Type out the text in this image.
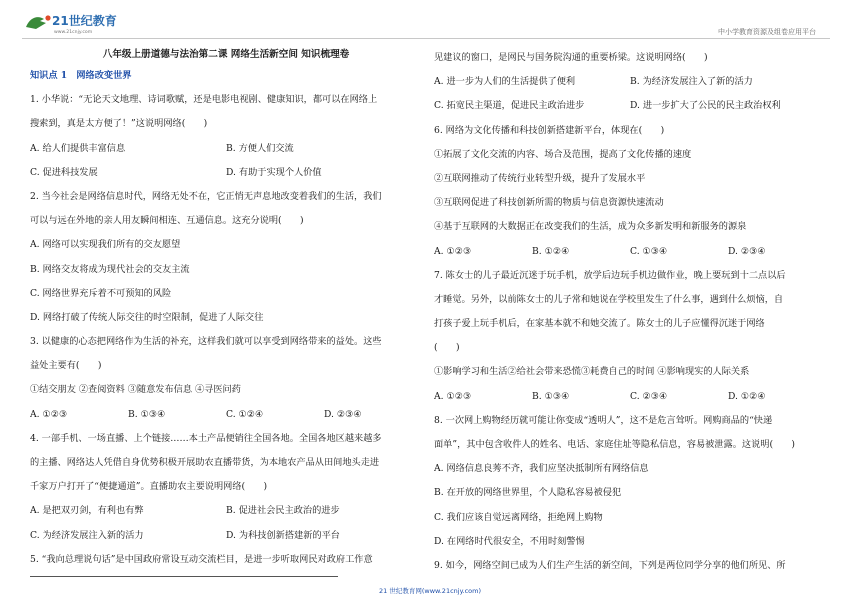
21世纪教育
www.21cnjy.com	中小学教育资源及组卷应用平台
八年级上册道德与法治第二课 网络生活新空间 知识梳理卷
知识点 1　网络改变世界
1. 小华说：“无论天文地理、诗词歌赋，还是电影电视剧、健康知识，都可以在网络上
搜索到，真是太方便了！”这说明网络(　　)
A. 给人们提供丰富信息	B. 方便人们交流
C. 促进科技发展	D. 有助于实现个人价值
2. 当今社会是网络信息时代，网络无处不在，它正悄无声息地改变着我们的生活，我们
可以与远在外地的亲人用友瞬间相连、互通信息。这充分说明(　　)
A. 网络可以实现我们所有的交友愿望
B. 网络交友将成为现代社会的交友主流
C. 网络世界充斥着不可预知的风险
D. 网络打破了传统人际交往的时空限制，促进了人际交往
3. 以健康的心态把网络作为生活的补充，这样我们就可以享受到网络带来的益处。这些
益处主要有(　　)
①结交朋友 ②查阅资料 ③随意发布信息 ④寻医问药
A. ①②③	B. ①③④	C. ①②④	D. ②③④
4. 一部手机、一场直播、上个链接……本土产品便销往全国各地。全国各地区越来越多
的主播、网络达人凭借自身优势积极开展助农直播带货，为本地农产品从田间地头走进
千家万户打开了“便捷通道”。直播助农主要说明网络(　　)
A. 是把双刃剑，有利也有弊	B. 促进社会民主政治的进步
C. 为经济发展注入新的活力	D. 为科技创新搭建新的平台
5. “我向总理说句话”是中国政府常设互动交流栏目，是进一步听取网民对政府工作意
见建议的窗口，是网民与国务院沟通的重要桥梁。这说明网络(　　)
A. 进一步为人们的生活提供了便利	B. 为经济发展注入了新的活力
C. 拓宽民主渠道，促进民主政治进步	D. 进一步扩大了公民的民主政治权利
6. 网络为文化传播和科技创新搭建新平台，体现在(　　)
①拓展了文化交流的内容、场合及范围，提高了文化传播的速度
②互联网推动了传统行业转型升级，提升了发展水平
③互联网促进了科技创新所需的物质与信息资源快速流动
④基于互联网的大数据正在改变我们的生活，成为众多新发明和新服务的源泉
A. ①②③	B. ①②④	C. ①③④	D. ②③④
7. 陈女士的儿子最近沉迷于玩手机，放学后边玩手机边做作业，晚上要玩到十二点以后
才睡觉。另外，以前陈女士的儿子常和她说在学校里发生了什么事，遇到什么烦恼，自
打孩子爱上玩手机后，在家基本就不和她交流了。陈女士的儿子应懂得沉迷于网络
(　　)
①影响学习和生活②给社会带来恐慌③耗费自己的时间 ④影响现实的人际关系
A. ①②③	B. ①③④	C. ②③④	D. ①②④
8. 一次网上购物经历就可能让你变成“透明人”，这不是危言耸听。网购商品的“快递
面单”，其中包含收件人的姓名、电话、家庭住址等隐私信息，容易被泄露。这说明(　　)
A. 网络信息良莠不齐，我们应坚决抵制所有网络信息
B. 在开放的网络世界里，个人隐私容易被侵犯
C. 我们应该自觉远离网络，拒绝网上购物
D. 在网络时代很安全，不用时刻警惕
9. 如今，网络空间已成为人们生产生活的新空间，下列是两位同学分享的他们所见、所
21 世纪教育网(www.21cnjy.com)
